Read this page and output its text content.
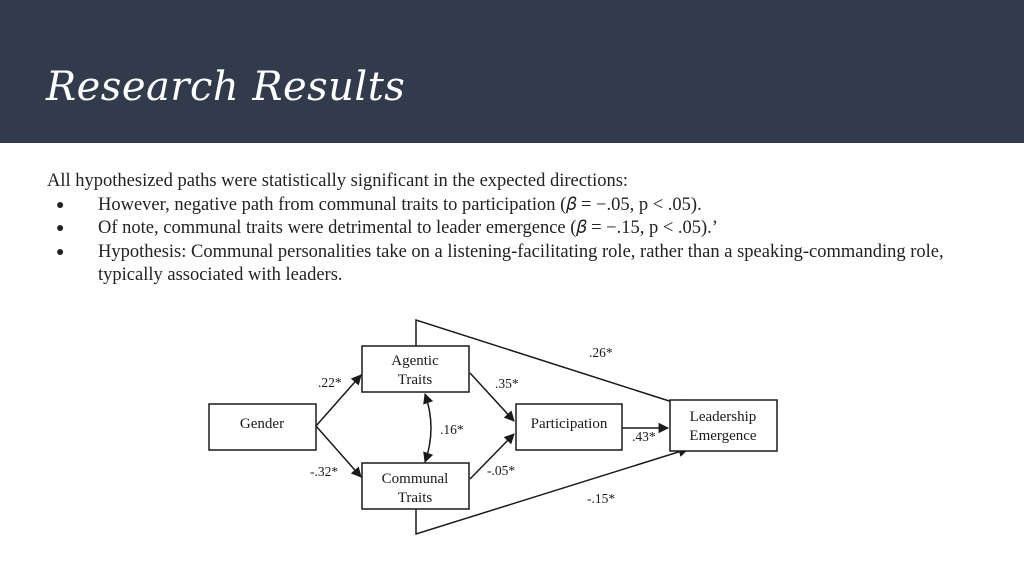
Research Results

All hypothesized paths were statistically significant in the expected directions:

● However, negative path from communal traits to participation (𝛽 = −.05, p < .05).
● Of note, communal traits were detrimental to leader emergence (𝛽 = −.15, p < .05).’
● Hypothesis: Communal personalities take on a listening-facilitating role, rather than a speaking-commanding role, typically associated with leaders.
Gender
Agentic
Traits
Communal
Traits
Participation	Leadership
Emergence
.22*
-.32*
.16*
.35*
-.05*
.43*
.26*
-.15*
